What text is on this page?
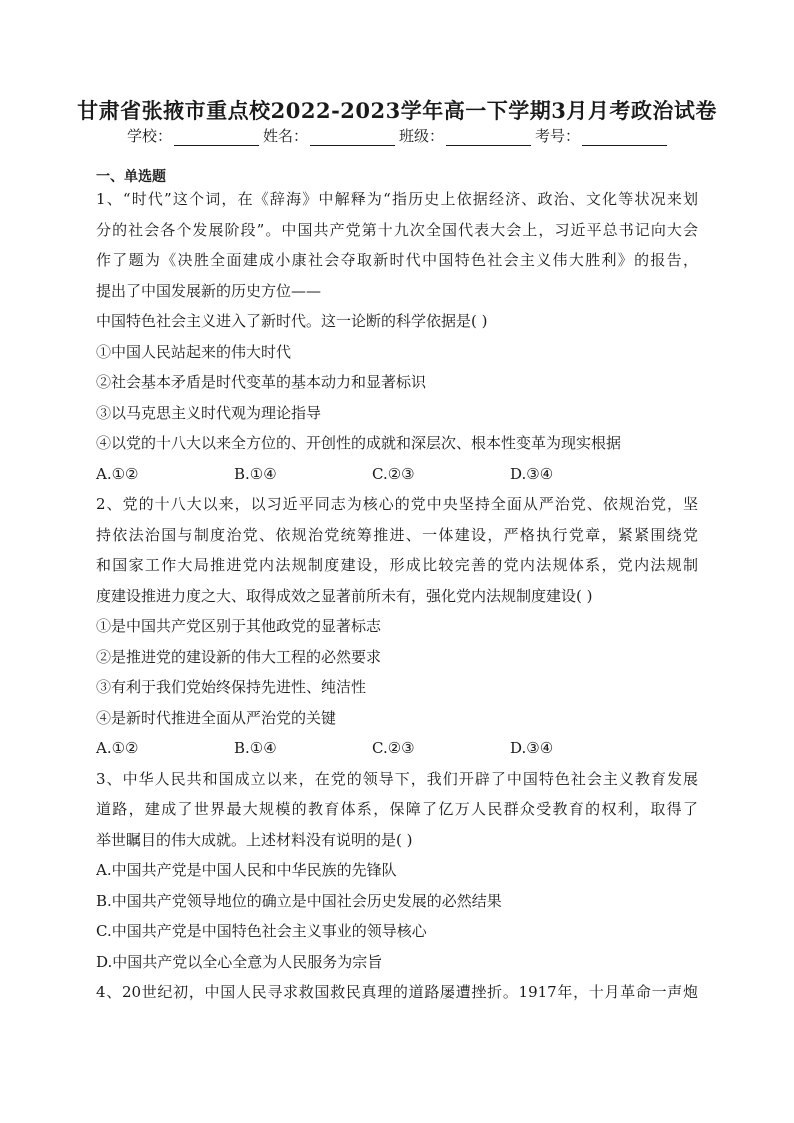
甘肃省张掖市重点校2022-2023学年高一下学期3月月考政治试卷
学校：	姓名：	班级：	考号：
一、单选题
1、“时代”这个词，在《辞海》中解释为“指历史上依据经济、政治、文化等状况来划
分的社会各个发展阶段”。中国共产党第十九次全国代表大会上，习近平总书记向大会
作了题为《决胜全面建成小康社会夺取新时代中国特色社会主义伟大胜利》的报告，
提出了中国发展新的历史方位——
中国特色社会主义进入了新时代。这一论断的科学依据是( )
①中国人民站起来的伟大时代
②社会基本矛盾是时代变革的基本动力和显著标识
③以马克思主义时代观为理论指导
④以党的十八大以来全方位的、开创性的成就和深层次、根本性变革为现实根据
A.①②	B.①④	C.②③	D.③④
2、党的十八大以来，以习近平同志为核心的党中央坚持全面从严治党、依规治党，坚
持依法治国与制度治党、依规治党统筹推进、一体建设，严格执行党章，紧紧围绕党
和国家工作大局推进党内法规制度建设，形成比较完善的党内法规体系，党内法规制
度建设推进力度之大、取得成效之显著前所未有，强化党内法规制度建设( )
①是中国共产党区别于其他政党的显著标志
②是推进党的建设新的伟大工程的必然要求
③有利于我们党始终保持先进性、纯洁性
④是新时代推进全面从严治党的关键
A.①②	B.①④	C.②③	D.③④
3、中华人民共和国成立以来，在党的领导下，我们开辟了中国特色社会主义教育发展
道路，建成了世界最大规模的教育体系，保障了亿万人民群众受教育的权利，取得了
举世瞩目的伟大成就。上述材料没有说明的是( )
A.中国共产党是中国人民和中华民族的先锋队
B.中国共产党领导地位的确立是中国社会历史发展的必然结果
C.中国共产党是中国特色社会主义事业的领导核心
D.中国共产党以全心全意为人民服务为宗旨
4、20世纪初，中国人民寻求救国救民真理的道路屡遭挫折。1917年，十月革命一声炮
